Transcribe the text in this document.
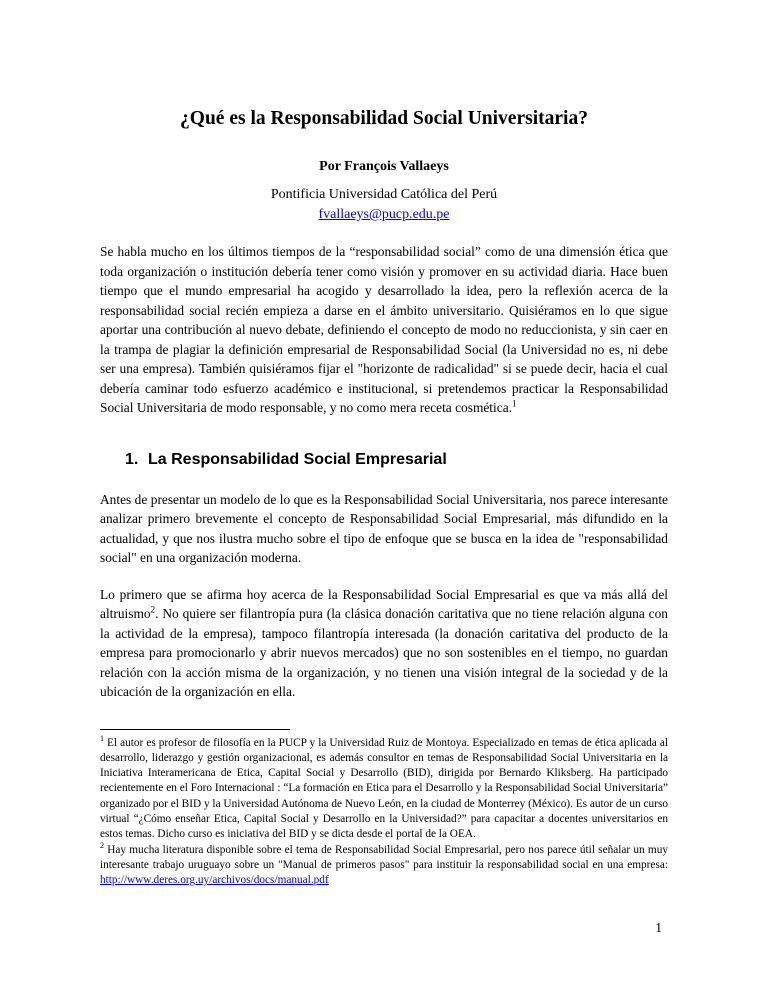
¿Qué es la Responsabilidad Social Universitaria?

Por François Vallaeys

Pontificia Universidad Católica del Perú

fvallaeys@pucp.edu.pe

Se habla mucho en los últimos tiempos de la “responsabilidad social” como de una dimensión ética que toda organización o institución debería tener como visión y promover en su actividad diaria. Hace buen tiempo que el mundo empresarial ha acogido y desarrollado la idea, pero la reflexión acerca de la responsabilidad social recién empieza a darse en el ámbito universitario. Quisiéramos en lo que sigue aportar una contribución al nuevo debate, definiendo el concepto de modo no reduccionista, y sin caer en la trampa de plagiar la definición empresarial de Responsabilidad Social (la Universidad no es, ni debe ser una empresa). También quisiéramos fijar el "horizonte de radicalidad" si se puede decir, hacia el cual debería caminar todo esfuerzo académico e institucional, si pretendemos practicar la Responsabilidad Social Universitaria de modo responsable, y no como mera receta cosmética.$^1$

1. La Responsabilidad Social Empresarial

Antes de presentar un modelo de lo que es la Responsabilidad Social Universitaria, nos parece interesante analizar primero brevemente el concepto de Responsabilidad Social Empresarial, más difundido en la actualidad, y que nos ilustra mucho sobre el tipo de enfoque que se busca en la idea de "responsabilidad social" en una organización moderna.

Lo primero que se afirma hoy acerca de la Responsabilidad Social Empresarial es que va más allá del altruismo$^2$. No quiere ser filantropía pura (la clásica donación caritativa que no tiene relación alguna con la actividad de la empresa), tampoco filantropía interesada (la donación caritativa del producto de la empresa para promocionarlo y abrir nuevos mercados) que no son sostenibles en el tiempo, no guardan relación con la acción misma de la organización, y no tienen una visión integral de la sociedad y de la ubicación de la organización en ella.

$^1$ El autor es profesor de filosofía en la PUCP y la Universidad Ruiz de Montoya. Especializado en temas de ética aplicada al desarrollo, liderazgo y gestión organizacional, es además consultor en temas de Responsabilidad Social Universitaria en la Iniciativa Interamericana de Etica, Capital Social y Desarrollo (BID), dirigida por Bernardo Kliksberg. Ha participado recientemente en el Foro Internacional : “La formación en Etica para el Desarrollo y la Responsabilidad Social Universitaria” organizado por el BID y la Universidad Autónoma de Nuevo León, en la ciudad de Monterrey (México). Es autor de un curso virtual “¿Cómo enseñar Etica, Capital Social y Desarrollo en la Universidad?” para capacitar a docentes universitarios en estos temas. Dicho curso es iniciativa del BID y se dicta desde el portal de la OEA.

$^2$ Hay mucha literatura disponible sobre el tema de Responsabilidad Social Empresarial, pero nos parece útil señalar un muy interesante trabajo uruguayo sobre un "Manual de primeros pasos" para instituir la responsabilidad social en una empresa: http://www.deres.org.uy/archivos/docs/manual.pdf

1
